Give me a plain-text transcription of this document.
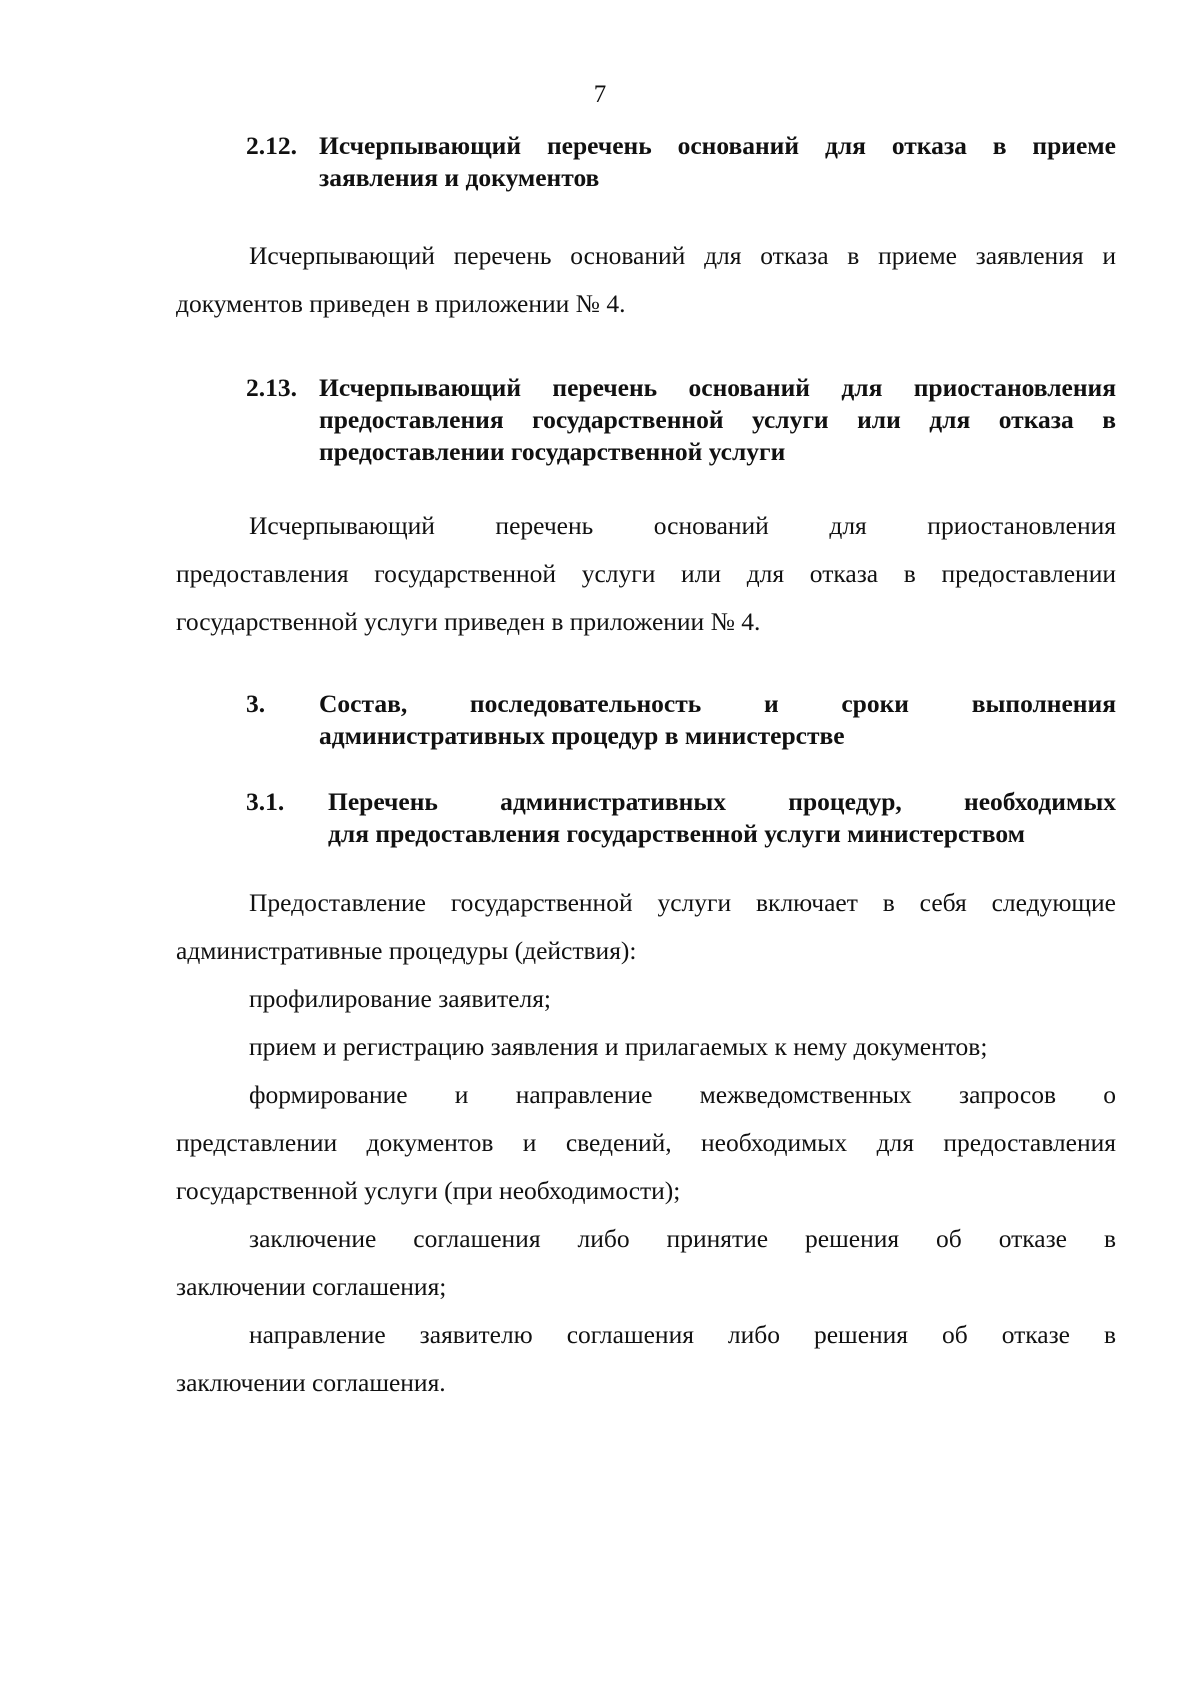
7
2.12. Исчерпывающий перечень оснований для отказа в приеме
заявления и документов
Исчерпывающий перечень оснований для отказа в приеме заявления и
документов приведен в приложении № 4.
2.13. Исчерпывающий перечень оснований для приостановления
предоставления государственной услуги или для отказа в
предоставлении государственной услуги
Исчерпывающий перечень оснований для приостановления
предоставления государственной услуги или для отказа в предоставлении
государственной услуги приведен в приложении № 4.
3. Состав, последовательность и сроки выполнения
административных процедур в министерстве
3.1. Перечень административных процедур, необходимых
для предоставления государственной услуги министерством
Предоставление государственной услуги включает в себя следующие
административные процедуры (действия):
профилирование заявителя;
прием и регистрацию заявления и прилагаемых к нему документов;
формирование и направление межведомственных запросов о
представлении документов и сведений, необходимых для предоставления
государственной услуги (при необходимости);
заключение соглашения либо принятие решения об отказе в
заключении соглашения;
направление заявителю соглашения либо решения об отказе в
заключении соглашения.
